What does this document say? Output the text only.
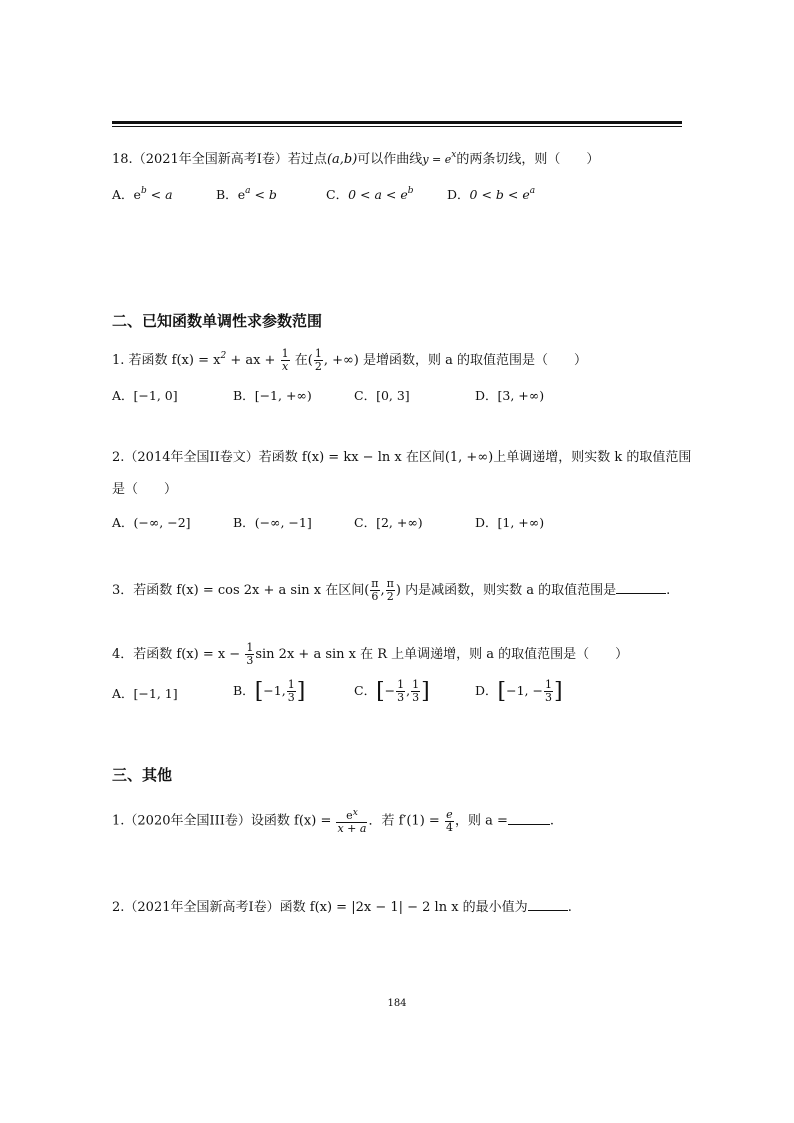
18.（2021年全国新高考I卷）若过点(a,b)可以作曲线$y = e^x$的两条切线，则（　　）
A．$e^b < a$	B．$e^a < b$	C．$0 < a < e^b$	D．$0 < b < e^a$
二、已知函数单调性求参数范围
1. 若函数 $f(x) = x^2$ + ax + $\frac{1}{x}$ 在( $\frac{1}{2}$ , +∞) 是增函数，则 a 的取值范围是（　　）
A．[−1, 0]	B．[−1, +∞)	C．[0, 3]	D．[3, +∞)
2.（2014年全国II卷文）若函数 f(x) = kx − ln x 在区间(1, +∞)上单调递增，则实数 k 的取值范围
是（　　）
A．(−∞, −2]	B．(−∞, −1]	C．[2, +∞)	D．[1, +∞)
3．若函数 f(x) = cos 2x + a sin x 在区间( $\frac{\pi}{6}$ , $\frac{\pi}{2}$ ) 内是减函数，则实数 a 的取值范围是	.
4．若函数 $f(x) = x - \frac{1}{3}$ sin 2x + a sin x 在 R 上单调递增，则 a 的取值范围是（　　）
A．[−1, 1]	B．[−1, $\frac{1}{3}$ ]	C．[− $\frac{1}{3}$ , $\frac{1}{3}$ ]	D．[−1, − $\frac{1}{3}$ ]
三、其他
1.（2020年全国III卷）设函数 $f(x) = \frac{e^x}{x + a}$ ．若 $f'(1) = \frac{e}{4}$ ，则 a =	.
2.（2021年全国新高考I卷）函数 f(x) = |2x − 1| − 2 ln x 的最小值为	.
184
